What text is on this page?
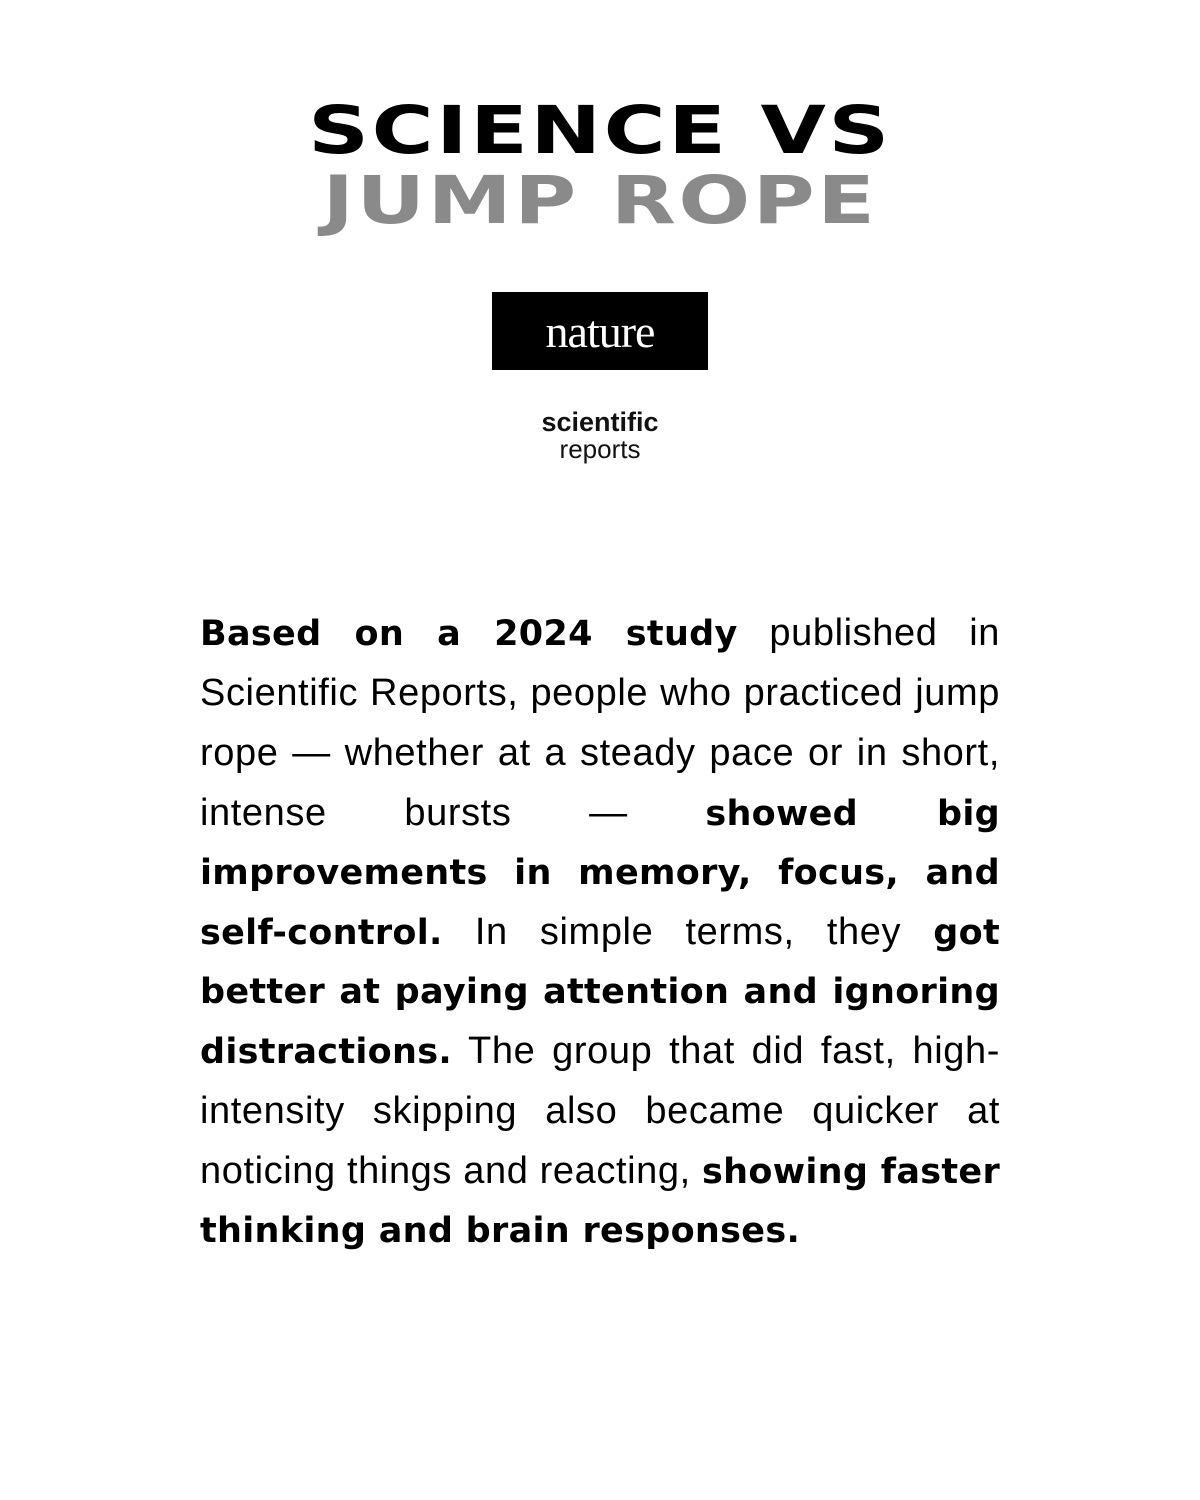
SCIENCE VS
JUMP ROPE
nature
scientific
reports

Based on a 2024 study published in Scientific Reports, people who practiced jump rope — whether at a steady pace or in short, intense bursts — showed big improvements in memory, focus, and self-control. In simple terms, they got better at paying attention and ignoring distractions. The group that did fast, high-intensity skipping also became quicker at noticing things and reacting, showing faster thinking and brain responses.
